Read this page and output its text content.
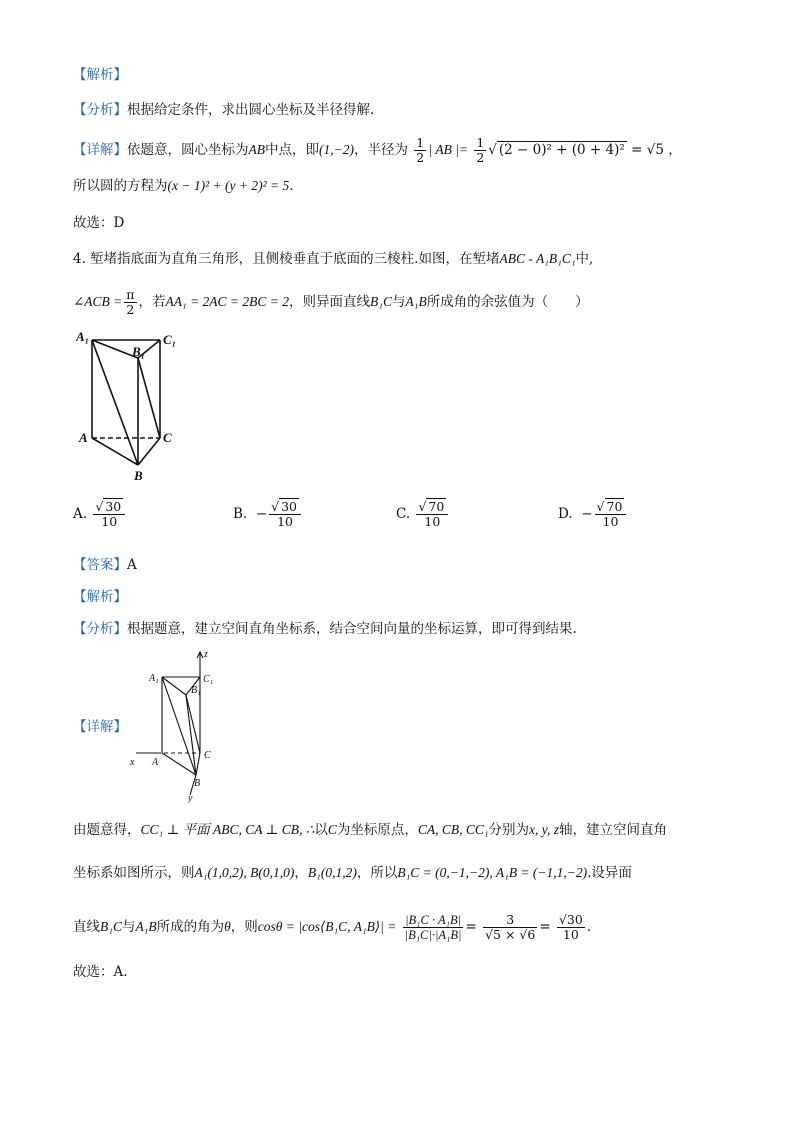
【解析】
【分析】根据给定条件，求出圆心坐标及半径得解.
【详解】依题意，圆心坐标为AB中点，即(1,−2)，半径为 $\frac{1}{2}$ | AB |= $\frac{1}{2}$ √ (2 − 0)² + (0 + 4)² = √5 ，
所以圆的方程为(x − 1)² + (y + 2)² = 5.
故选：D
4. 堑堵指底面为直角三角形，且侧棱垂直于底面的三棱柱.如图，在堑堵ABC - A₁B₁C₁中,
∠ACB = $\frac{\pi}{2}$ ，若AA₁ = 2AC = 2BC = 2，则异面直线B₁C与A₁B所成角的余弦值为（　　）
A₁	C₁
B₁
A	C
B
A. $\frac{√ 30}{10}$	B. − $\frac{√ 30}{10}$	C. $\frac{√ 70}{10}$	D. − $\frac{√ 70}{10}$
【答案】A
【解析】
【分析】根据题意，建立空间直角坐标系，结合空间向量的坐标运算，即可得到结果.
【详解】
z
x
y
A₁	C₁
B₁
A
C
B
由题意得，CC₁ ⊥ 平面 ABC, CA ⊥ CB, ∴以C为坐标原点，CA, CB, CC₁分别为x, y, z轴，建立空间直角
坐标系如图所示，则A₁(1,0,2), B(0,1,0)，B₁(0,1,2)，所以B₁C = (0,−1,−2), A₁B = (−1,1,−2).设异面
直线B₁C与A₁B所成的角为θ，则cosθ = |cos⟨B₁C, A₁B⟩| = $\frac{\text{|B₁C · A₁B|}}{\text{|B₁C|·|A₁B|}} = \frac{3}{√5 \times √6} = \frac{√30}{10}$ .
故选：A.
